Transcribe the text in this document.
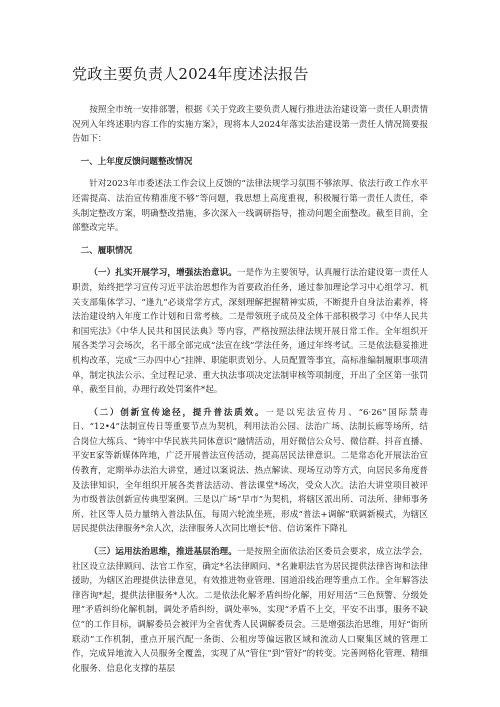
党政主要负责人2024年度述法报告

按照全市统一安排部署，根据《关于党政主要负责人履行推进法治建设第一责任人职责情况列入年终述职内容工作的实施方案》，现将本人2024年落实法治建设第一责任人情况简要报告如下：

一、上年度反馈问题整改情况

针对2023年市委述法工作会议上反馈的“法律法规学习氛围不够浓厚、依法行政工作水平还需提高、法治宣传精准度不够”等问题，我思想上高度重视，积极履行第一责任人责任，牵头制定整改方案，明确整改措施，多次深入一线调研指导，推动问题全面整改。截至目前，全部整改完毕。

二、履职情况

（一）扎实开展学习，增强法治意识。一是作为主要领导，认真履行法治建设第一责任人职责，始终把学习宣传习近平法治思想作为首要政治任务，通过参加理论学习中心组学习、机关支部集体学习、“逢九”必谈常学方式，深刻理解把握精神实质，不断提升自身法治素养，将法治建设纳入年度工作计划和日常考核。二是带领班子成员及全体干部积极学习《中华人民共和国宪法》《中华人民共和国民法典》等内容，严格按照法律法规开展日常工作。全年组织开展各类学习会场次，名干部全部完成“法宣在线”学法任务，通过年终考试。三是依法稳妥推进机构改革，完成“三办四中心”挂牌、职能职责划分、人员配置等事宜，高标准编制履职事项清单，制定执法公示、全过程记录、重大执法事项决定法制审核等项制度，开出了全区第一张罚单，截至目前，办理行政处罚案件*起。

（二）创新宣传途径，提升普法质效。一是以宪法宣传月、“6·26”国际禁毒日、“12•4”法制宣传日等重要节点为契机，利用法治公园、法治广场、法制长廊等场所，结合岗位大练兵、“铸牢中华民族共同体意识”融情活动，用好微信公众号、微信群、抖音直播、平安E家等新媒体阵地，广泛开展普法宣传活动，提高居民法律意识。二是常态化开展法治宣传教育，定期举办法治大讲堂，通过以案说法、热点解读、现场互动等方式，向居民多角度普及法律知识，全年组织开展各类普法活动、普法课堂*场次，受众人次。法治大讲堂项目被评为市级普法创新宣传典型案例。三是以广场“早市”为契机，将辖区派出所、司法所、律师事务所、社区等人员力量纳入普法队伍，每周六轮流坐班，形成“普法+调解”联调新模式，为辖区居民提供法律服务*余人次，法律服务人次同比增长*倍、信访案件下降礼

（三）运用法治思维，推进基层治理。一是按照全面依法治区委员会要求，成立法学会，社区设立法律顾问、法官工作室，确定*名法律顾问、*名兼职法官为居民提供法律咨询和法律援助，为辖区治理提供法律意见，有效推进物业管理、国道沿线治理等重点工作。全年解答法律咨询*起，提供法律服务*人次。二是依法化解矛盾纠纷化解，用好用活“三色预警、分级处理”矛盾纠纷化解机制，调处矛盾纠纷，调处率%，实现“矛盾不上交，平安不出事，服务不缺位”的工作目标，调解委员会被评为全省优秀人民调解委员会。三是增强法治思维，用好“街所联动”工作机制，重点开展汽配一条街、公租房等偏远散区域和流动人口聚集区域的管理工作，完成异地流入人员服务全覆盖，实现了从“管住”到“管好”的转变。完善网格化管理、精细化服务、信息化支撑的基层
